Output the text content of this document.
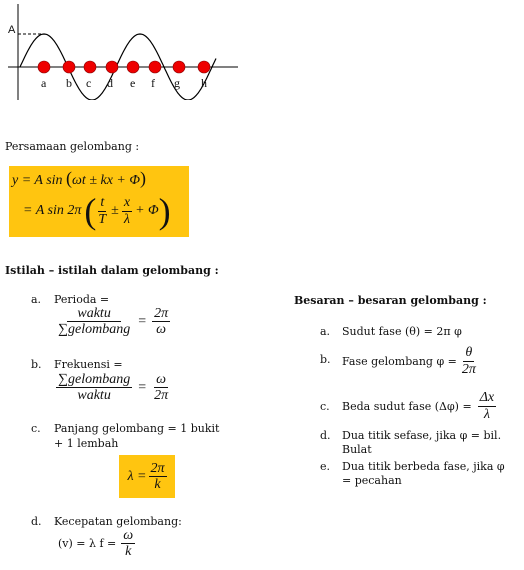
A
a b c d e f g h
Persamaan gelombang :
y = A sin (ωt ± kx + Φ)
= A sin 2π ( $\frac{t}{T} \pm \frac{x}{\lambda} + \Phi$ )
Istilah – istilah dalam gelombang :
a. Perioda =
$\frac{\text{waktu}}{\text{∑gelombang}} = \frac{2\pi}{\omega}$
b. Frekuensi =
$\frac{\text{∑gelombang}}{\text{waktu}} = \frac{\omega}{2\pi}$
c. Panjang gelombang = 1 bukit
+ 1 lembah
$\lambda = \frac{2\pi}{k}$
d. Kecepatan gelombang:
(v) = λ $f = \frac{\omega}{k}$
Besaran – besaran gelombang :
a. Sudut fase (θ) = 2π φ
b. Fase gelombang $\varphi = \frac{\theta}{2\pi}$
c. Beda sudut fase $(\Delta\varphi) = \frac{\Delta x}{\lambda}$
d. Dua titik sefase, jika φ = bil.
Bulat
e. Dua titik berbeda fase, jika φ
= pecahan
